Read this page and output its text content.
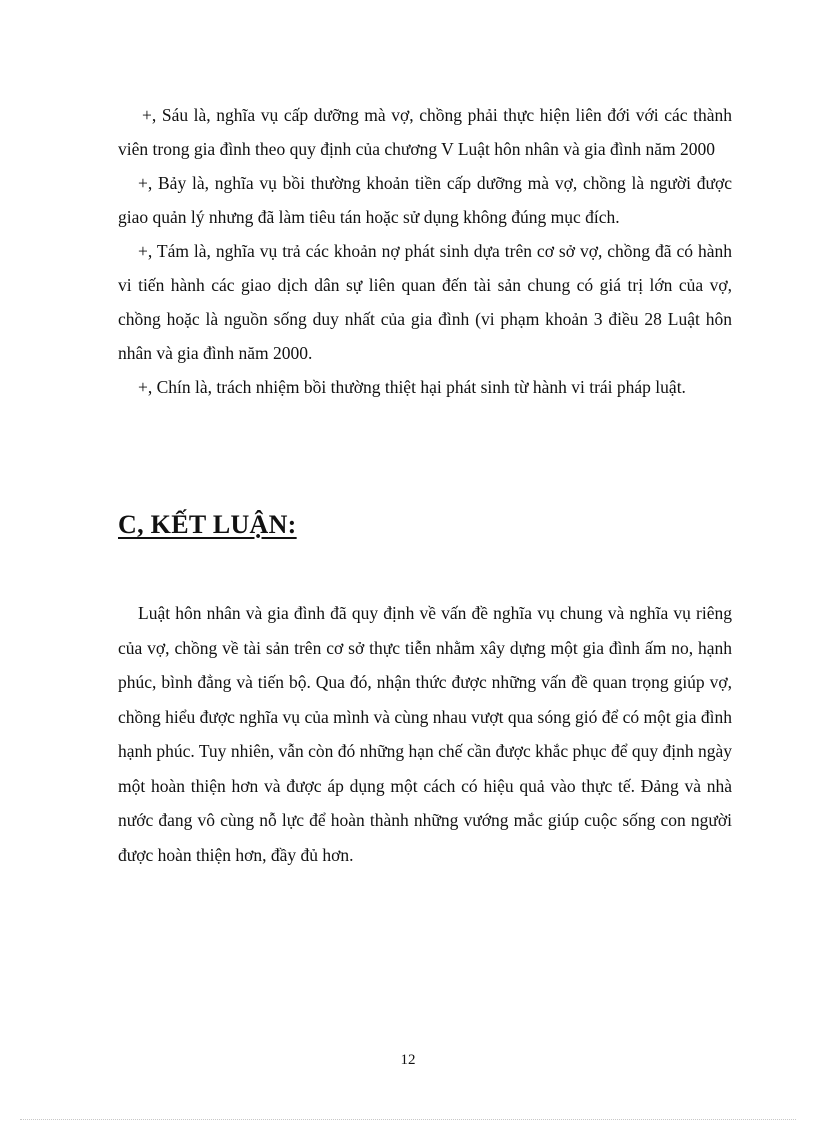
+, Sáu là, nghĩa vụ cấp dưỡng mà vợ, chồng phải thực hiện liên đới với các thành viên trong gia đình theo quy định của chương V Luật hôn nhân và gia đình năm 2000

+, Bảy là, nghĩa vụ bồi thường khoản tiền cấp dưỡng mà vợ, chồng là người được giao quản lý nhưng đã làm tiêu tán hoặc sử dụng không đúng mục đích.

+, Tám là, nghĩa vụ trả các khoản nợ phát sinh dựa trên cơ sở vợ, chồng đã có hành vi tiến hành các giao dịch dân sự liên quan đến tài sản chung có giá trị lớn của vợ, chồng hoặc là nguồn sống duy nhất của gia đình (vi phạm khoản 3 điều 28 Luật hôn nhân và gia đình năm 2000.

+, Chín là, trách nhiệm bồi thường thiệt hại phát sinh từ hành vi trái pháp luật.

C, KẾT LUẬN:

Luật hôn nhân và gia đình đã quy định về vấn đề nghĩa vụ chung và nghĩa vụ riêng của vợ, chồng về tài sản trên cơ sở thực tiễn nhằm xây dựng một gia đình ấm no, hạnh phúc, bình đẳng và tiến bộ. Qua đó, nhận thức được những vấn đề quan trọng giúp vợ, chồng hiểu được nghĩa vụ của mình và cùng nhau vượt qua sóng gió để có một gia đình hạnh phúc. Tuy nhiên, vẫn còn đó những hạn chế cần được khắc phục để quy định ngày một hoàn thiện hơn và được áp dụng một cách có hiệu quả vào thực tế. Đảng và nhà nước đang vô cùng nỗ lực để hoàn thành những vướng mắc giúp cuộc sống con người được hoàn thiện hơn, đầy đủ hơn.

12
